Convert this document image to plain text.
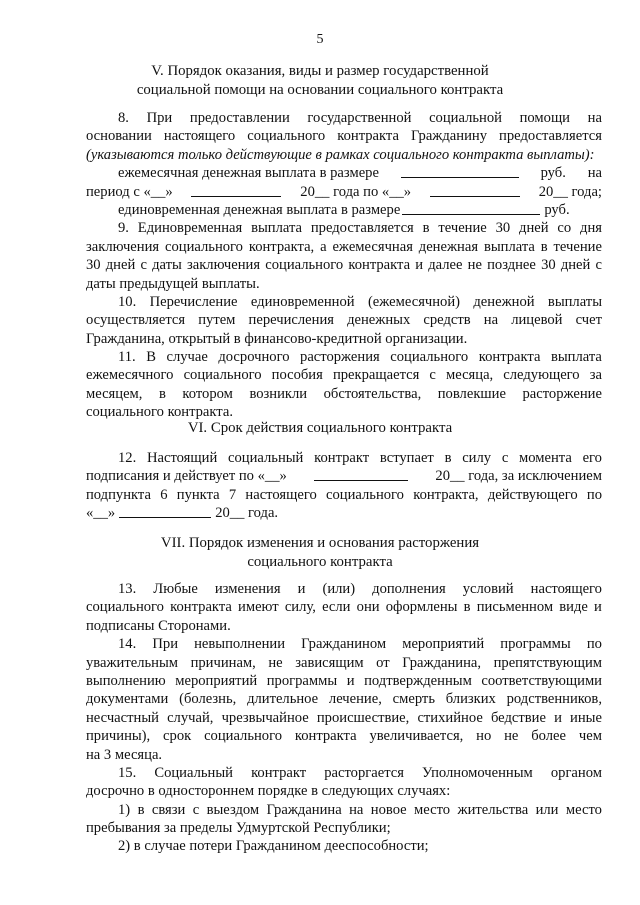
5
V. Порядок оказания, виды и размер государственной
социальной помощи на основании социального контракта
8. При предоставлении государственной социальной помощи на
основании настоящего социального контракта Гражданину предоставляется
(указываются только действующие в рамках социального контракта выплаты):
ежемесячная денежная выплата в размере	руб. на
период с «__»	20__ года по «__»	20__ года;
единовременная денежная выплата в размере	руб.
9. Единовременная выплата предоставляется в течение 30 дней со дня
заключения социального контракта, а ежемесячная денежная выплата в течение
30 дней с даты заключения социального контракта и далее не позднее 30 дней с
даты предыдущей выплаты.
10. Перечисление единовременной (ежемесячной) денежной выплаты
осуществляется путем перечисления денежных средств на лицевой счет
Гражданина, открытый в финансово-кредитной организации.
11. В случае досрочного расторжения социального контракта выплата
ежемесячного социального пособия прекращается с месяца, следующего за
месяцем, в котором возникли обстоятельства, повлекшие расторжение
социального контракта.
VI. Срок действия социального контракта
12. Настоящий социальный контракт вступает в силу с момента его
подписания и действует по «__»	20__ года, за исключением
подпункта 6 пункта 7 настоящего социального контракта, действующего по
«__»	20__ года.
VII. Порядок изменения и основания расторжения
социального контракта
13. Любые изменения и (или) дополнения условий настоящего
социального контракта имеют силу, если они оформлены в письменном виде и
подписаны Сторонами.
14. При невыполнении Гражданином мероприятий программы по
уважительным причинам, не зависящим от Гражданина, препятствующим
выполнению мероприятий программы и подтвержденным соответствующими
документами (болезнь, длительное лечение, смерть близких родственников,
несчастный случай, чрезвычайное происшествие, стихийное бедствие и иные
причины), срок социального контракта увеличивается, но не более чем
на 3 месяца.
15. Социальный контракт расторгается Уполномоченным органом
досрочно в одностороннем порядке в следующих случаях:
1) в связи с выездом Гражданина на новое место жительства или место
пребывания за пределы Удмуртской Республики;
2) в случае потери Гражданином дееспособности;
